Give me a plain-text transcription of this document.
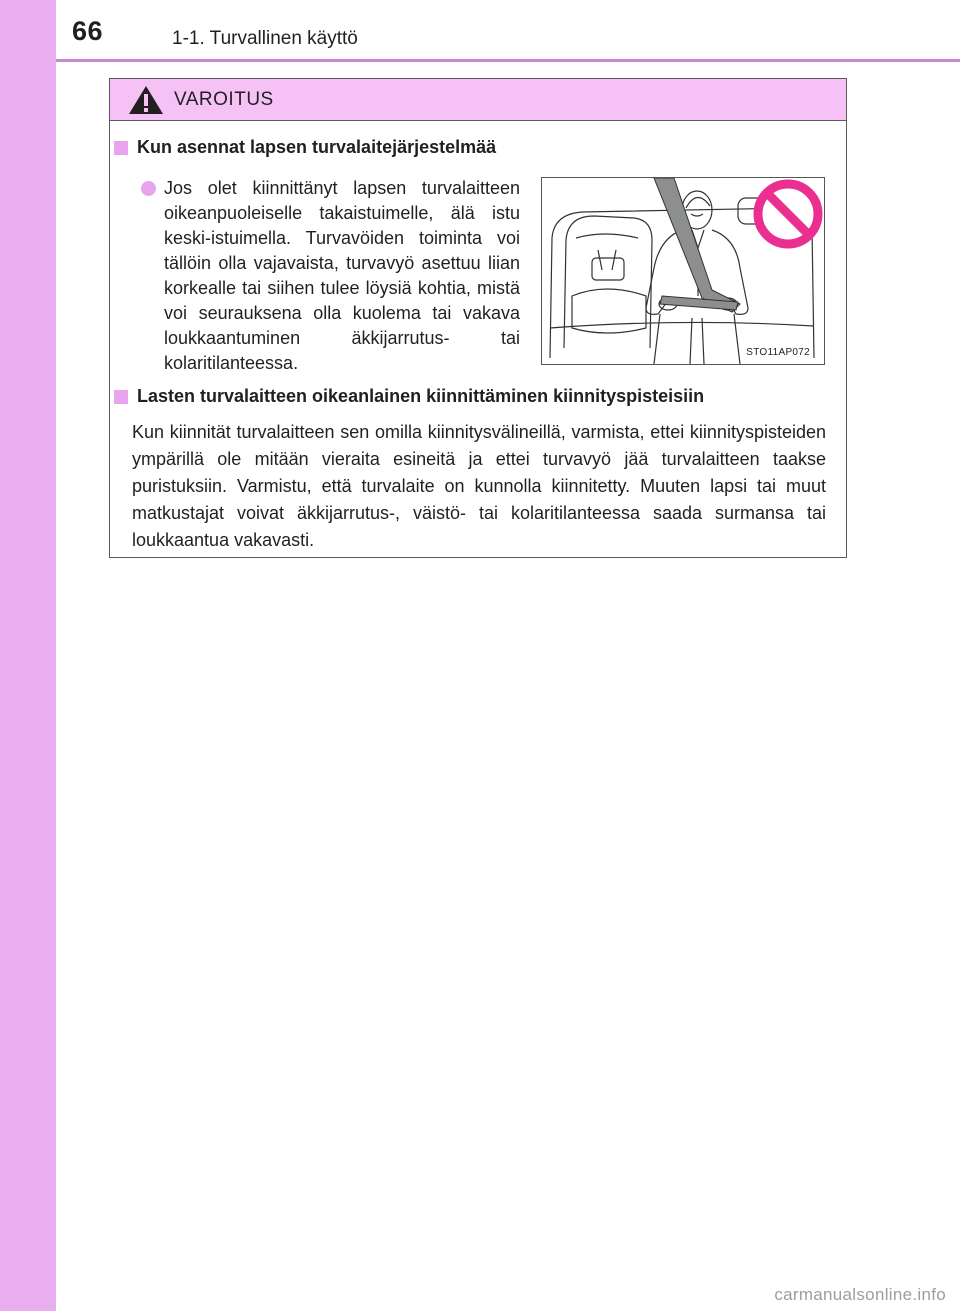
66	1-1. Turvallinen käyttö
VAROITUS
Kun asennat lapsen turvalaitejärjestelmää
Jos olet kiinnittänyt lapsen turvalaitteen oikeanpuoleiselle takaistuimelle, älä istu keski-istuimella. Turvavöiden toiminta voi tällöin olla vajavaista, turvavyö asettuu liian korkealle tai siihen tulee löysiä kohtia, mistä voi seurauksena olla kuolema tai vakava loukkaantuminen äkkijarrutus- tai kolaritilanteessa.
STO11AP072
Lasten turvalaitteen oikeanlainen kiinnittäminen kiinnityspisteisiin
Kun kiinnität turvalaitteen sen omilla kiinnitysvälineillä, varmista, ettei kiinnityspisteiden ympärillä ole mitään vieraita esineitä ja ettei turvavyö jää turvalaitteen taakse puristuksiin. Varmistu, että turvalaite on kunnolla kiinnitetty. Muuten lapsi tai muut matkustajat voivat äkkijarrutus-, väistö- tai kolaritilanteessa saada surmansa tai loukkaantua vakavasti.
carmanualsonline.info
